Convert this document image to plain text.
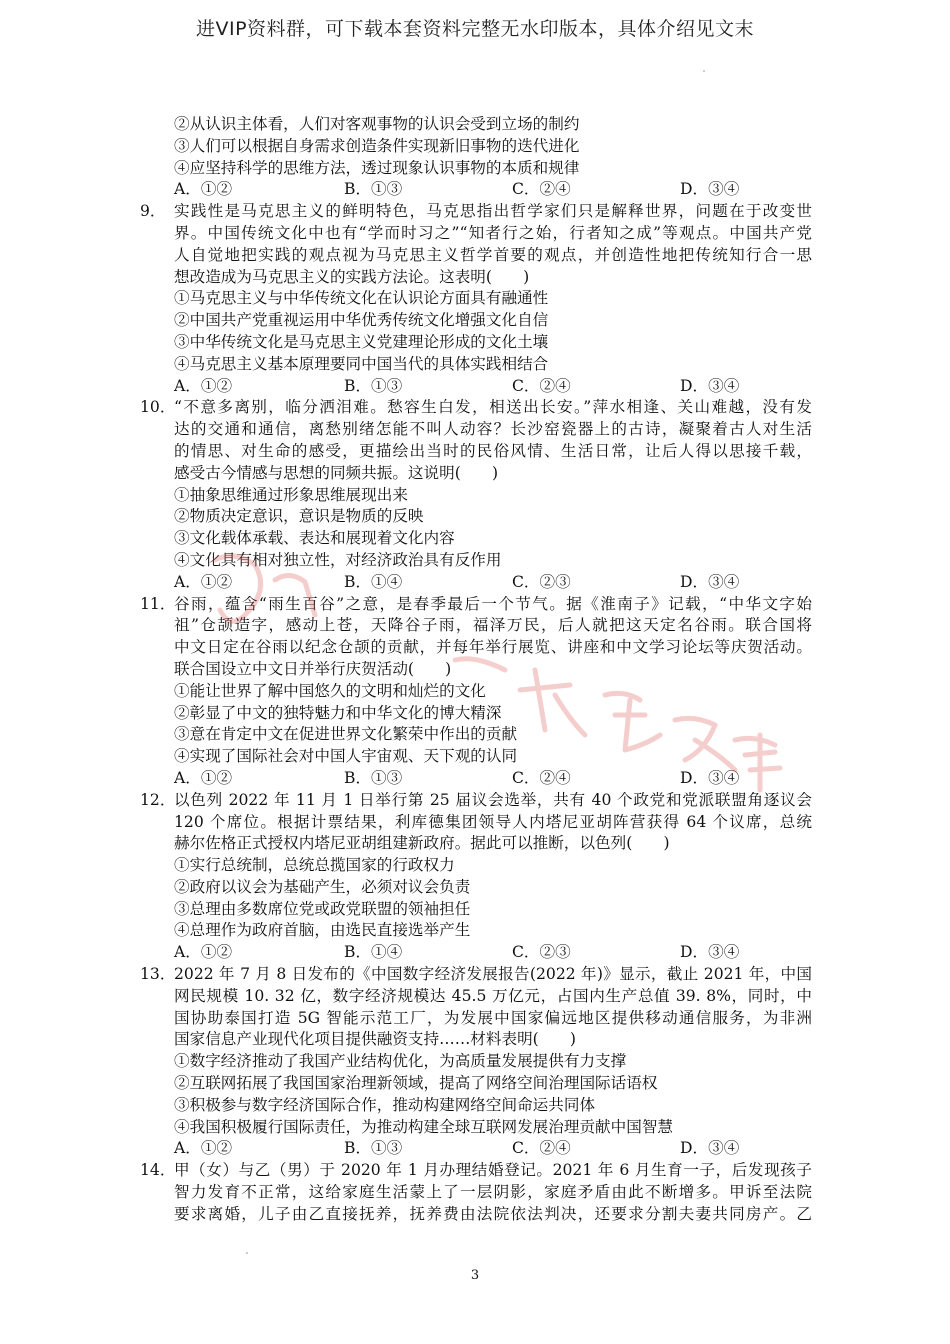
进VIP资料群，可下载本套资料完整无水印版本，具体介绍见文末
②从认识主体看，人们对客观事物的认识会受到立场的制约
③人们可以根据自身需求创造条件实现新旧事物的迭代进化
④应坚持科学的思维方法，透过现象认识事物的本质和规律
A．①②	B．①③	C．②④	D．③④
9． 实践性是马克思主义的鲜明特色，马克思指出哲学家们只是解释世界，问题在于改变世
界。中国传统文化中也有“学而时习之”“知者行之始，行者知之成”等观点。中国共产党
人自觉地把实践的观点视为马克思主义哲学首要的观点，并创造性地把传统知行合一思
想改造成为马克思主义的实践方法论。这表明(　　)
①马克思主义与中华传统文化在认识论方面具有融通性
②中国共产党重视运用中华优秀传统文化增强文化自信
③中华传统文化是马克思主义党建理论形成的文化土壤
④马克思主义基本原理要同中国当代的具体实践相结合
A．①②	B．①③	C．②④	D．③④
10．
“不意多离别，临分洒泪难。愁容生白发，相送出长安。”萍水相逢、关山难越，没有发
达的交通和通信，离愁别绪怎能不叫人动容？长沙窑瓷器上的古诗，凝聚着古人对生活
的情思、对生命的感受，更描绘出当时的民俗风情、生活日常，让后人得以思接千载，
感受古今情感与思想的同频共振。这说明(　　)
①抽象思维通过形象思维展现出来
②物质决定意识，意识是物质的反映
③文化载体承载、表达和展现着文化内容
④文化具有相对独立性，对经济政治具有反作用
A．①②	B．①④	C．②③	D．③④
11．
谷雨，蕴含“雨生百谷”之意，是春季最后一个节气。据《淮南子》记载，“中华文字始
祖”仓颉造字，感动上苍，天降谷子雨，福泽万民，后人就把这天定名谷雨。联合国将
中文日定在谷雨以纪念仓颉的贡献，并每年举行展览、讲座和中文学习论坛等庆贺活动。
联合国设立中文日并举行庆贺活动(　　)
①能让世界了解中国悠久的文明和灿烂的文化
②彰显了中文的独特魅力和中华文化的博大精深
③意在肯定中文在促进世界文化繁荣中作出的贡献
④实现了国际社会对中国人宇宙观、天下观的认同
A．①②	B．①③	C．②④	D．③④
12．
以色列 2022 年 11 月 1 日举行第 25 届议会选举，共有 40 个政党和党派联盟角逐议会
120 个席位。根据计票结果，利库德集团领导人内塔尼亚胡阵营获得 64 个议席，总统
赫尔佐格正式授权内塔尼亚胡组建新政府。据此可以推断，以色列(　　)
①实行总统制，总统总揽国家的行政权力
②政府以议会为基础产生，必须对议会负责
③总理由多数席位党或政党联盟的领袖担任
④总理作为政府首脑，由选民直接选举产生
A．①②	B．①④	C．②③	D．③④
13．
2022 年 7 月 8 日发布的《中国数字经济发展报告(2022 年)》显示，截止 2021 年，中国
网民规模 10. 32 亿，数字经济规模达 45.5 万亿元，占国内生产总值 39. 8%，同时，中
国协助泰国打造 5G 智能示范工厂，为发展中国家偏远地区提供移动通信服务，为非洲
国家信息产业现代化项目提供融资支持……材料表明(　　)
①数字经济推动了我国产业结构优化，为高质量发展提供有力支撑
②互联网拓展了我国国家治理新领域，提高了网络空间治理国际话语权
③积极参与数字经济国际合作，推动构建网络空间命运共同体
④我国积极履行国际责任，为推动构建全球互联网发展治理贡献中国智慧
A．①②	B．①③	C．②④	D．③④
14．
甲（女）与乙（男）于 2020 年 1 月办理结婚登记。2021 年 6 月生育一子，后发现孩子
智力发育不正常，这给家庭生活蒙上了一层阴影，家庭矛盾由此不断增多。甲诉至法院
要求离婚，儿子由乙直接抚养，抚养费由法院依法判决，还要求分割夫妻共同房产。乙
3
